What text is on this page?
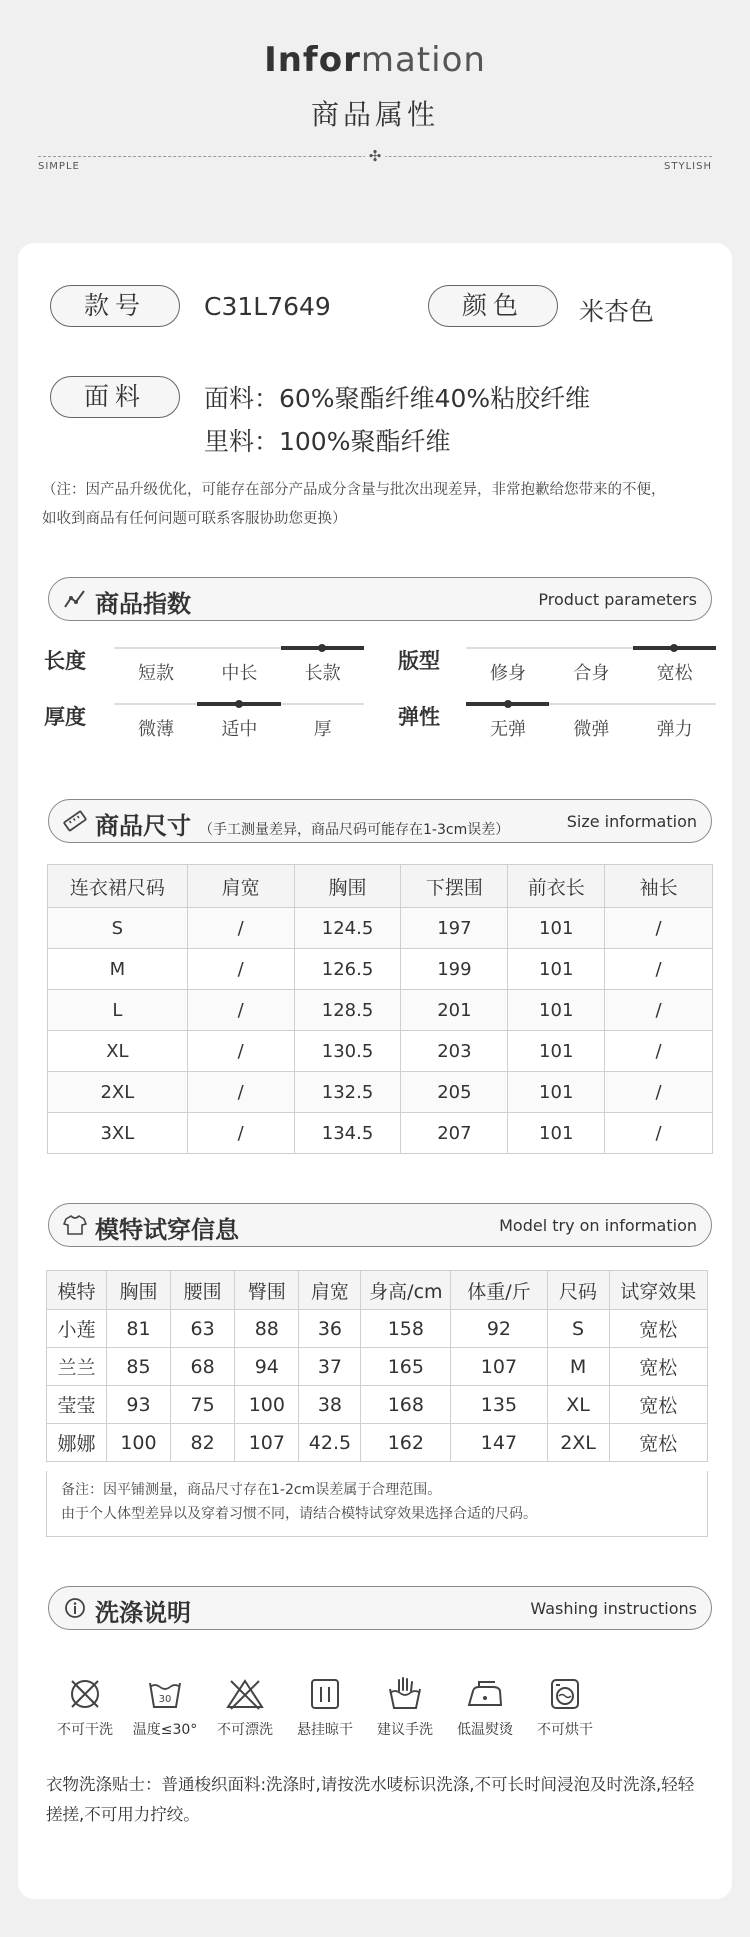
Information
商品属性
✣
SIMPLE	STYLISH
款号	C31L7649	颜色	米杏色
面料	面料：60%聚酯纤维40%粘胶纤维
里料：100%聚酯纤维
（注：因产品升级优化，可能存在部分产品成分含量与批次出现差异，非常抱歉给您带来的不便，
如收到商品有任何问题可联系客服协助您更换）
商品指数	Product parameters
长度
短款	中长	长款
版型
修身	合身	宽松
厚度
微薄	适中	厚
弹性
无弹	微弹	弹力
商品尺寸 （手工测量差异，商品尺码可能存在1-3cm误差）	Size information
连衣裙尺码	肩宽	胸围	下摆围	前衣长	袖长
S	/	124.5	197	101	/
M	/	126.5	199	101	/
L	/	128.5	201	101	/
XL	/	130.5	203	101	/
2XL	/	132.5	205	101	/
3XL	/	134.5	207	101	/
模特试穿信息	Model try on information
模特	胸围	腰围	臀围	肩宽	身高/cm	体重/斤	尺码	试穿效果
小莲	81	63	88	36	158	92	S	宽松
兰兰	85	68	94	37	165	107	M	宽松
莹莹	93	75	100	38	168	135	XL	宽松
娜娜	100	82	107	42.5	162	147	2XL	宽松
备注：因平铺测量，商品尺寸存在1-2cm误差属于合理范围。
由于个人体型差异以及穿着习惯不同，请结合模特试穿效果选择合适的尺码。
洗涤说明	Washing instructions
不可干洗
30
温度≤30°	不可漂洗	悬挂晾干	建议手洗	低温熨烫	不可烘干
衣物洗涤贴士：普通梭织面料:洗涤时,请按洗水唛标识洗涤,不可长时间浸泡及时洗涤,轻轻
搓搓,不可用力拧绞。
